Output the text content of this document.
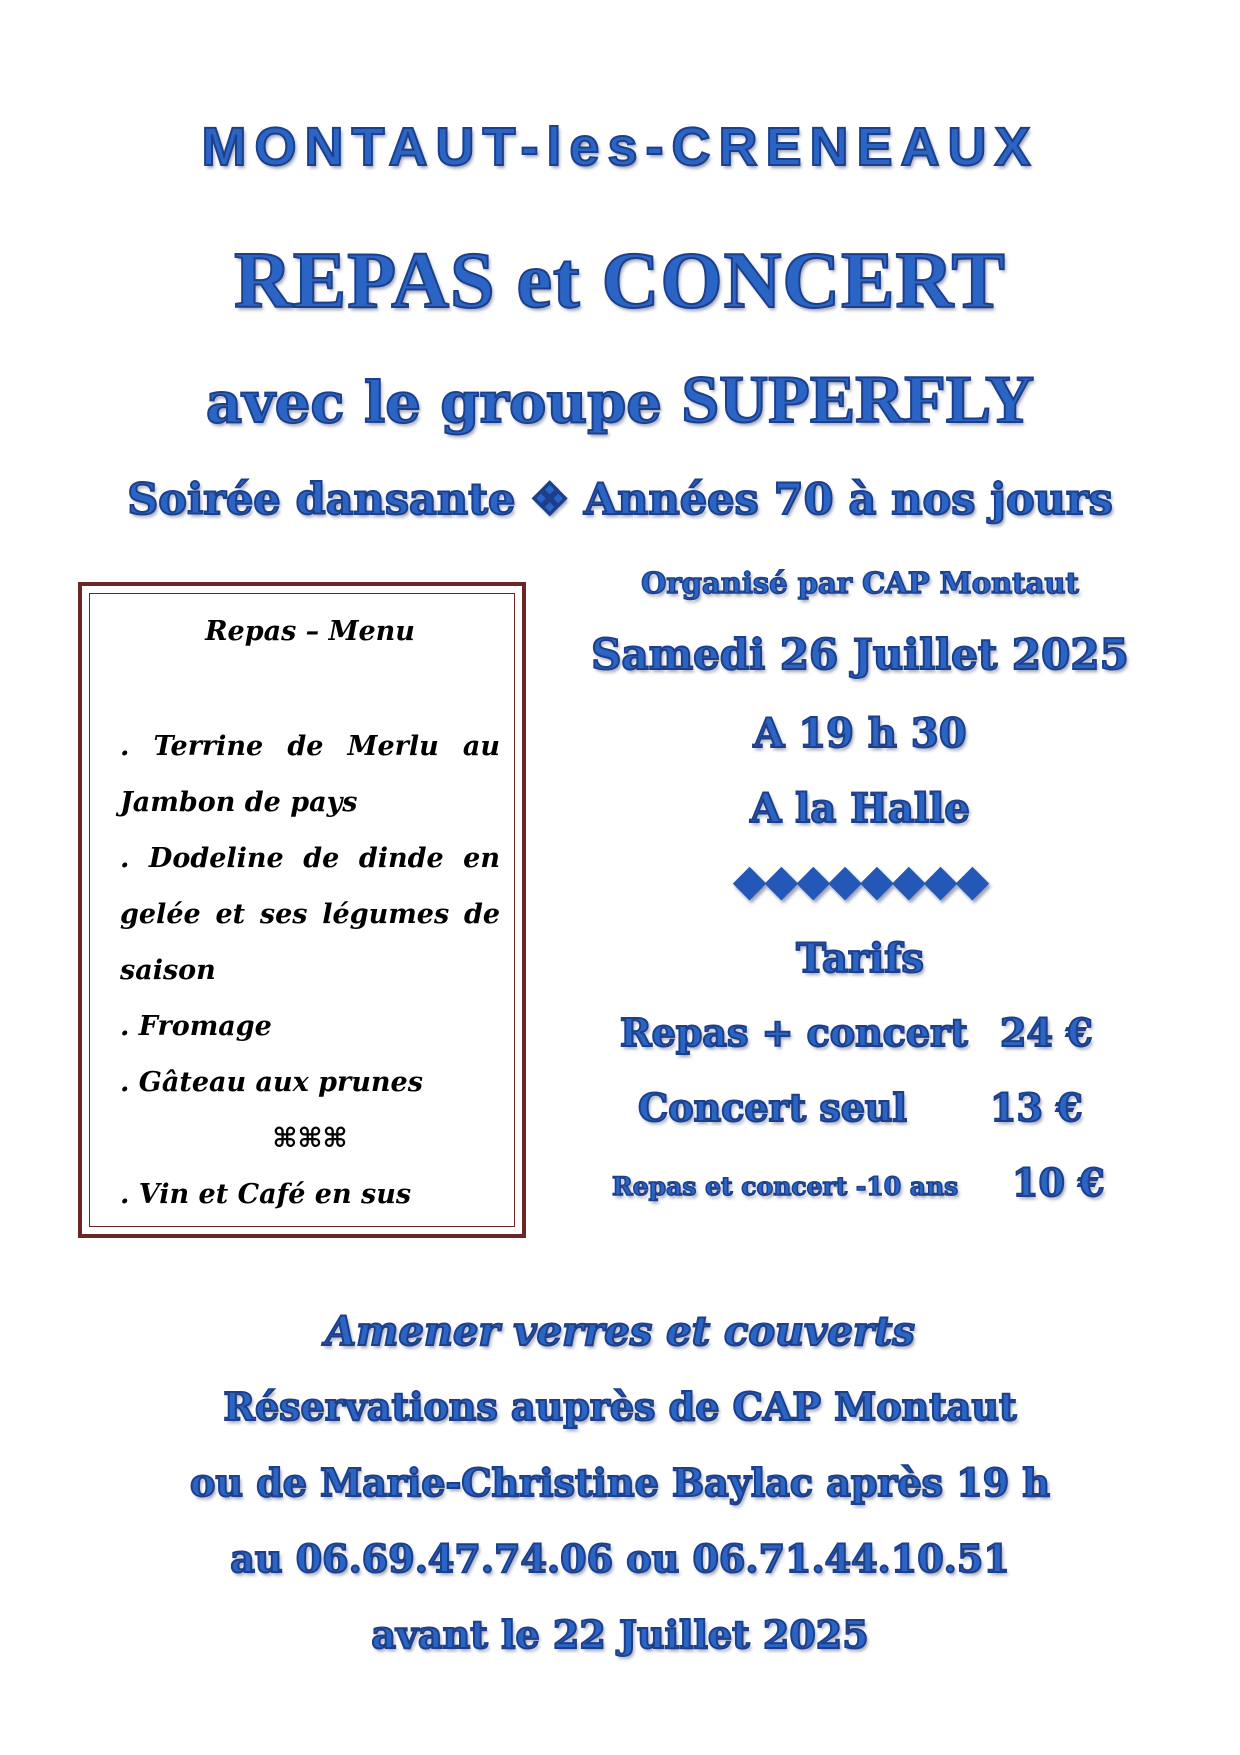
MONTAUT-les-CRENEAUX
REPAS et CONCERT
avec le groupe SUPERFLY
Soirée dansante ❖ Années 70 à nos jours
Repas – Menu
. Terrine de Merlu au Jambon de pays
. Dodeline de dinde en gelée et ses légumes de saison
. Fromage
. Gâteau aux prunes
⌘⌘⌘
. Vin et Café en sus
Organisé par CAP Montaut
Samedi 26 Juillet 2025
A 19 h 30
A la Halle
◆◆◆◆◆◆◆◆
Tarifs
Repas + concert 24 €
Concert seul 13 €
Repas et concert -10 ans 10 €
Amener verres et couverts
Réservations auprès de CAP Montaut
ou de Marie-Christine Baylac après 19 h
au 06.69.47.74.06 ou 06.71.44.10.51
avant le 22 Juillet 2025
